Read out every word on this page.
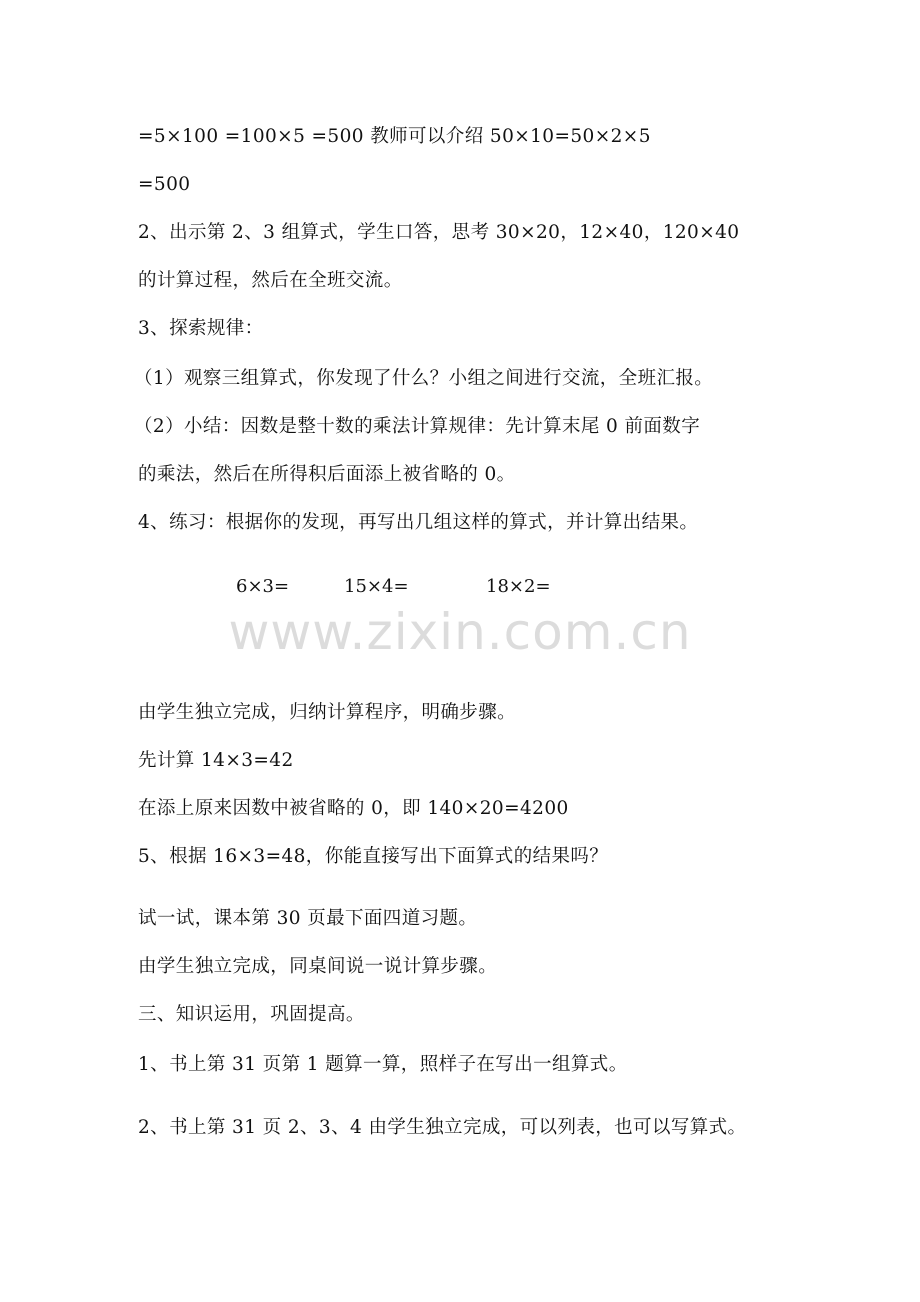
=5×100 =100×5 =500 教师可以介绍 50×10=50×2×5
=500
2、出示第 2、3 组算式，学生口答，思考 30×20，12×40，120×40
的计算过程，然后在全班交流。
3、探索规律：
（1）观察三组算式，你发现了什么？小组之间进行交流，全班汇报。
（2）小结：因数是整十数的乘法计算规律：先计算末尾 0 前面数字
的乘法，然后在所得积后面添上被省略的 0。
4、练习：根据你的发现，再写出几组这样的算式，并计算出结果。
6×3=	15×4=	18×2=
www.zixin.com.cn
由学生独立完成，归纳计算程序，明确步骤。
先计算 14×3=42
在添上原来因数中被省略的 0，即 140×20=4200
5、根据 16×3=48，你能直接写出下面算式的结果吗？
试一试，课本第 30 页最下面四道习题。
由学生独立完成，同桌间说一说计算步骤。
三、知识运用，巩固提高。
1、书上第 31 页第 1 题算一算，照样子在写出一组算式。
2、书上第 31 页 2、3、4 由学生独立完成，可以列表，也可以写算式。
